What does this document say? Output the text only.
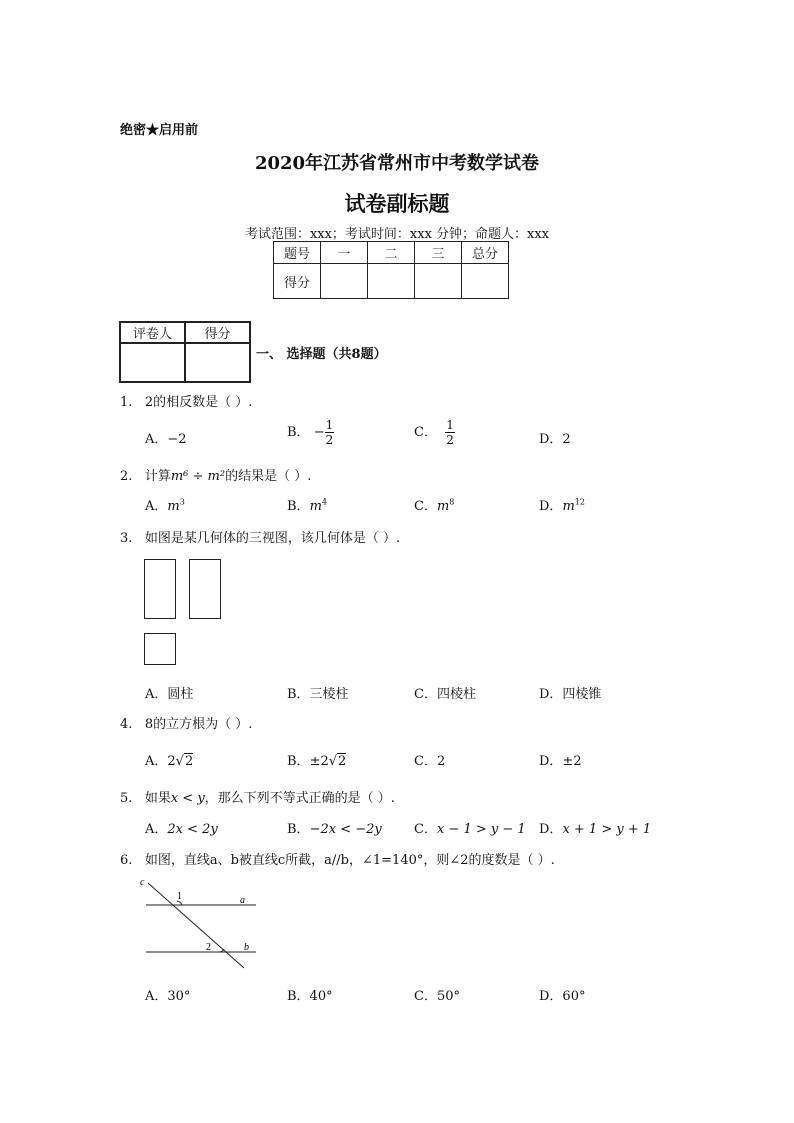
绝密★启用前
2020年江苏省常州市中考数学试卷
试卷副标题
考试范围：xxx；考试时间：xxx 分钟；命题人：xxx
题号	一	二	三	总分
得分				
评卷人	得分

一、 选择题（共8题）
1. 2的相反数是（ ）.
A．−2	B． − $\frac{1}{2}$	C． $\frac{1}{2}$	D．2
2. 计算m⁶ ÷ m²的结果是（ ）.
A．$m^3$	B．$m^4$	C．$m^8$	D．$m^{12}$
3. 如图是某几何体的三视图，该几何体是（ ）.
A．圆柱	B．三棱柱	C．四棱柱	D．四棱锥
4. 8的立方根为（ ）.
A．2√2	B．±2√2	C．2	D．±2
5. 如果x < y，那么下列不等式正确的是（ ）.
A．2x < 2y	B．−2x < −2y C．x − 1 > y − 1 D．x + 1 > y + 1
6. 如图，直线a、b被直线c所截，a//b，∠1=140°，则∠2的度数是（ ）.
c
1	a
2	b
A．30°	B．40°	C．50°	D．60°
